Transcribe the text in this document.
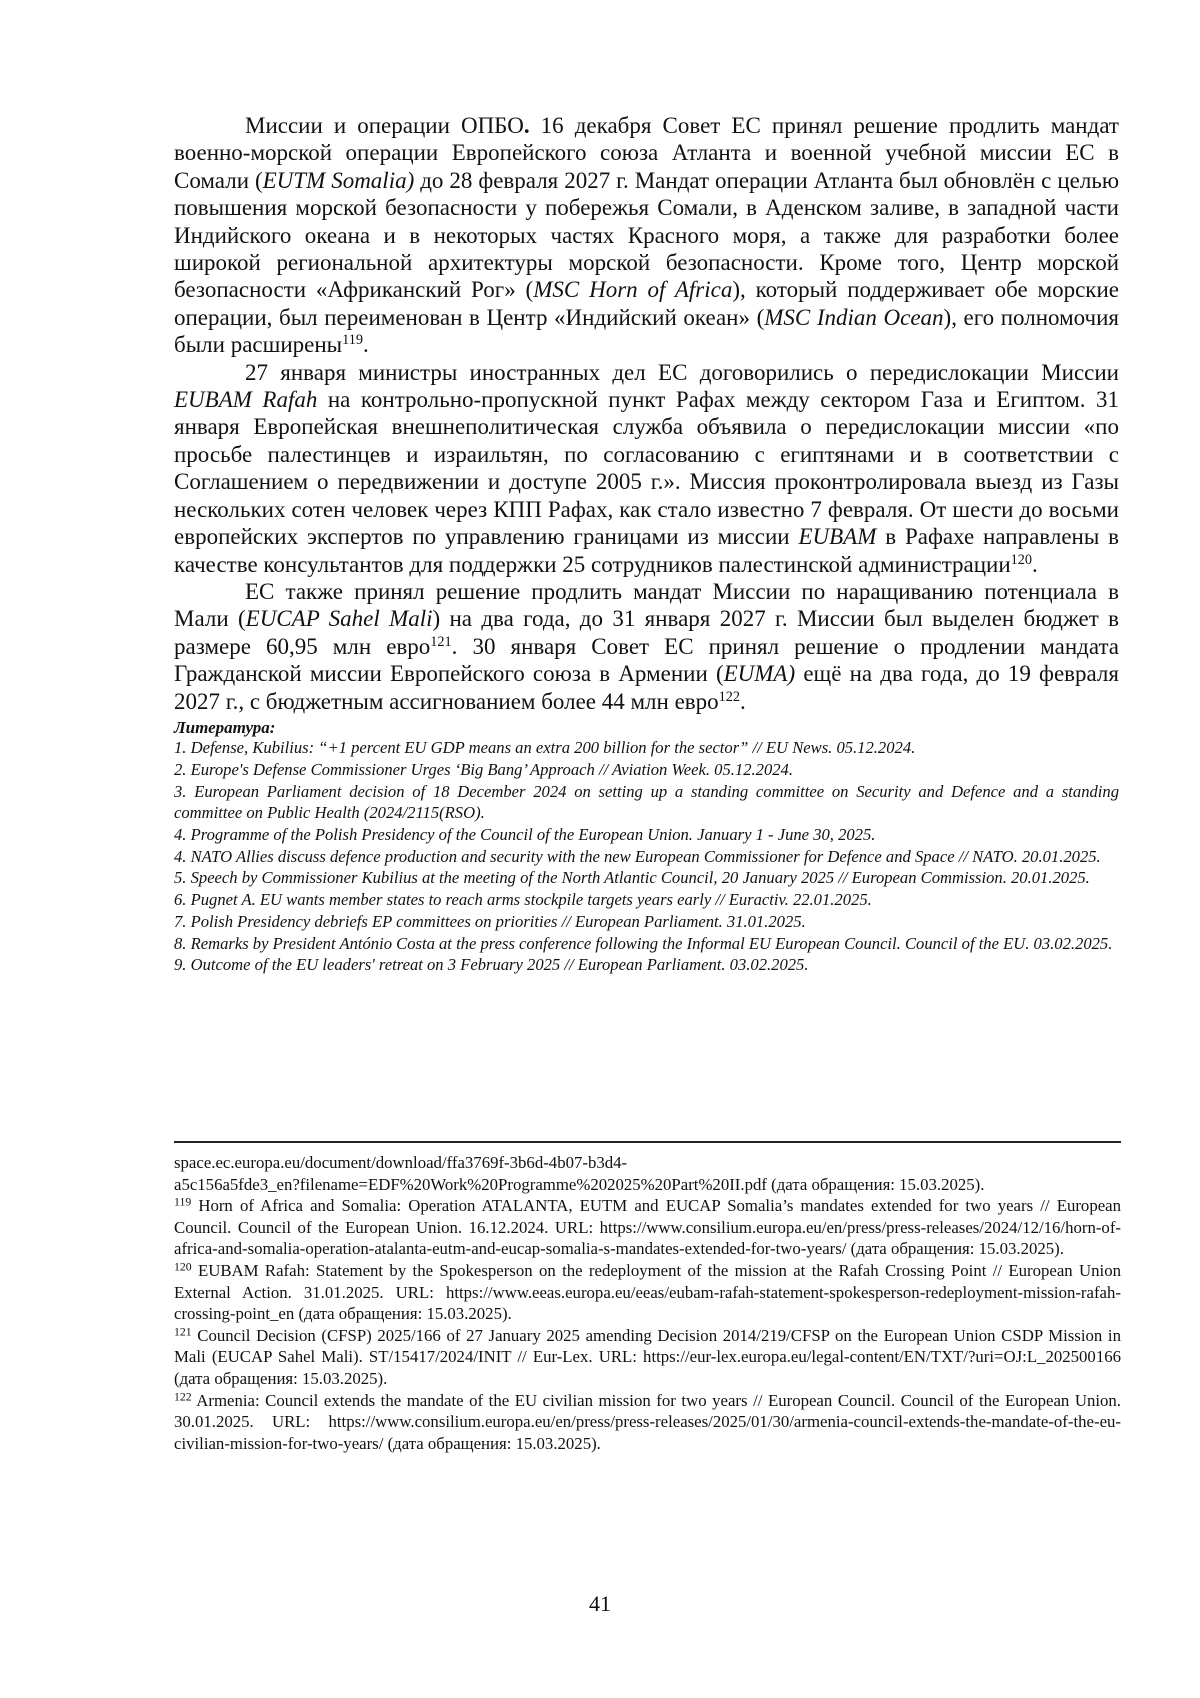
Миссии и операции ОПБО. 16 декабря Совет ЕС принял решение продлить мандат военно-морской операции Европейского союза Атланта и военной учебной миссии ЕС в Сомали (EUTM Somalia) до 28 февраля 2027 г. Мандат операции Атланта был обновлён с целью повышения морской безопасности у побережья Сомали, в Аденском заливе, в западной части Индийского океана и в некоторых частях Красного моря, а также для разработки более широкой региональной архитектуры морской безопасности. Кроме того, Центр морской безопасности «Африканский Рог» (MSC Horn of Africa), который поддерживает обе морские операции, был переименован в Центр «Индийский океан» (MSC Indian Ocean), его полномочия были расширены$^{119}$.

27 января министры иностранных дел ЕС договорились о передислокации Миссии EUBAM Rafah на контрольно-пропускной пункт Рафах между сектором Газа и Египтом. 31 января Европейская внешнеполитическая служба объявила о передислокации миссии «по просьбе палестинцев и израильтян, по согласованию с египтянами и в соответствии с Соглашением о передвижении и доступе 2005 г.». Миссия проконтролировала выезд из Газы нескольких сотен человек через КПП Рафах, как стало известно 7 февраля. От шести до восьми европейских экспертов по управлению границами из миссии EUBAM в Рафахе направлены в качестве консультантов для поддержки 25 сотрудников палестинской администрации$^{120}$.

ЕС также принял решение продлить мандат Миссии по наращиванию потенциала в Мали (EUCAP Sahel Mali) на два года, до 31 января 2027 г. Миссии был выделен бюджет в размере 60,95 млн евро$^{121}$. 30 января Совет ЕС принял решение о продлении мандата Гражданской миссии Европейского союза в Армении (EUMA) ещё на два года, до 19 февраля 2027 г., с бюджетным ассигнованием более 44 млн евро$^{122}$.

Литература:

1. Defense, Kubilius: “+1 percent EU GDP means an extra 200 billion for the sector” // EU News. 05.12.2024.

2. Europe's Defense Commissioner Urges ‘Big Bang’ Approach // Aviation Week. 05.12.2024.

3. European Parliament decision of 18 December 2024 on setting up a standing committee on Security and Defence and a standing committee on Public Health (2024/2115(RSO).

4. Programme of the Polish Presidency of the Council of the European Union. January 1 - June 30, 2025.

4. NATO Allies discuss defence production and security with the new European Commissioner for Defence and Space // NATO. 20.01.2025.

5. Speech by Commissioner Kubilius at the meeting of the North Atlantic Council, 20 January 2025 // European Commission. 20.01.2025.

6. Pugnet A. EU wants member states to reach arms stockpile targets years early // Euractiv. 22.01.2025.

7. Polish Presidency debriefs EP committees on priorities // European Parliament. 31.01.2025.

8. Remarks by President António Costa at the press conference following the Informal EU European Council. Council of the EU. 03.02.2025.

9. Outcome of the EU leaders' retreat on 3 February 2025 // European Parliament. 03.02.2025.

space.ec.europa.eu/document/download/ffa3769f-3b6d-4b07-b3d4-
a5c156a5fde3_en?filename=EDF%20Work%20Programme%202025%20Part%20II.pdf (дата обращения: 15.03.2025).

$^{119}$ Horn of Africa and Somalia: Operation ATALANTA, EUTM and EUCAP Somalia’s mandates extended for two years // European Council. Council of the European Union. 16.12.2024. URL: https://www.consilium.europa.eu/en/press/press-releases/2024/12/16/horn-of-africa-and-somalia-operation-atalanta-eutm-and-eucap-somalia-s-mandates-extended-for-two-years/ (дата обращения: 15.03.2025).

$^{120}$ EUBAM Rafah: Statement by the Spokesperson on the redeployment of the mission at the Rafah Crossing Point // European Union External Action. 31.01.2025. URL: https://www.eeas.europa.eu/eeas/eubam-rafah-statement-spokesperson-redeployment-mission-rafah-crossing-point_en (дата обращения: 15.03.2025).

$^{121}$ Council Decision (CFSP) 2025/166 of 27 January 2025 amending Decision 2014/219/CFSP on the European Union CSDP Mission in Mali (EUCAP Sahel Mali). ST/15417/2024/INIT // Eur-Lex. URL: https://eur-lex.europa.eu/legal-content/EN/TXT/?uri=OJ:L_202500166 (дата обращения: 15.03.2025).

$^{122}$ Armenia: Council extends the mandate of the EU civilian mission for two years // European Council. Council of the European Union. 30.01.2025. URL: https://www.consilium.europa.eu/en/press/press-releases/2025/01/30/armenia-council-extends-the-mandate-of-the-eu-civilian-mission-for-two-years/ (дата обращения: 15.03.2025).

41
